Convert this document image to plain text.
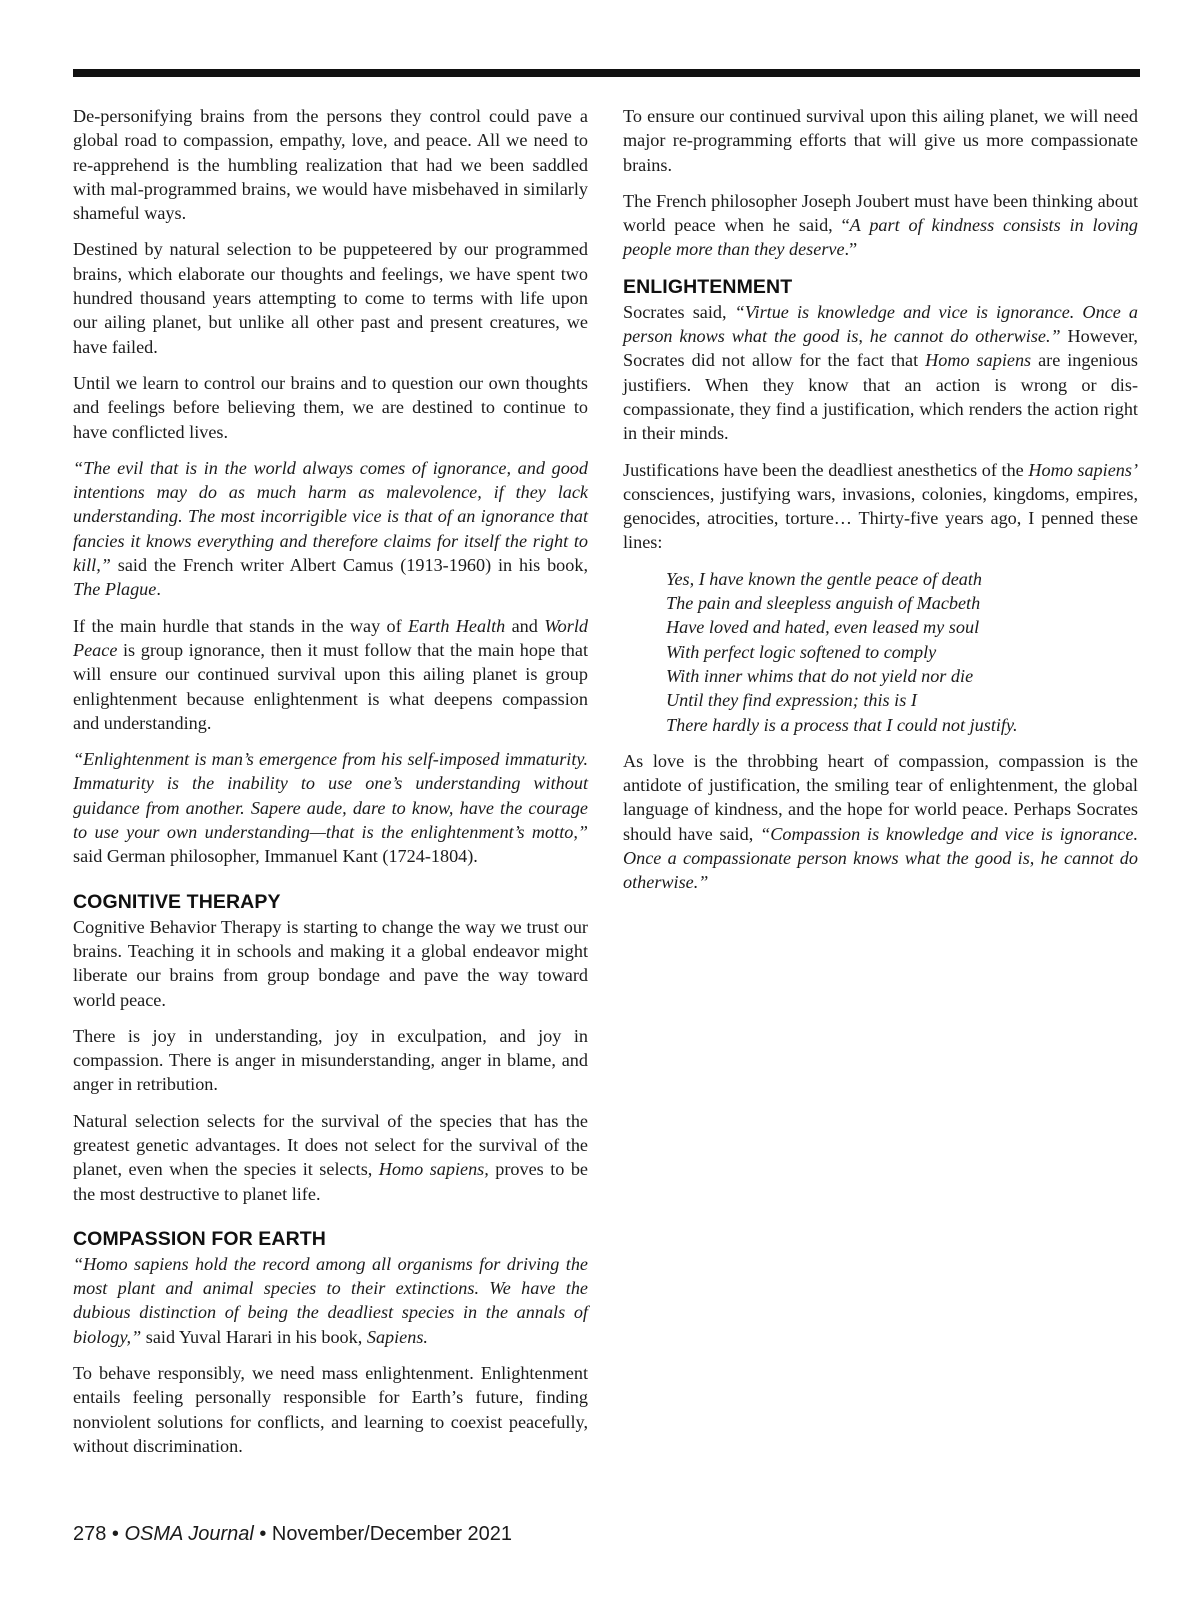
De-personifying brains from the persons they control could pave a global road to compassion, empathy, love, and peace. All we need to re-apprehend is the humbling realization that had we been saddled with mal-programmed brains, we would have misbehaved in similarly shameful ways.

Destined by natural selection to be puppeteered by our programmed brains, which elaborate our thoughts and feelings, we have spent two hundred thousand years attempting to come to terms with life upon our ailing planet, but unlike all other past and present creatures, we have failed.

Until we learn to control our brains and to question our own thoughts and feelings before believing them, we are destined to continue to have conflicted lives.

“The evil that is in the world always comes of ignorance, and good intentions may do as much harm as malevolence, if they lack understanding. The most incorrigible vice is that of an ignorance that fancies it knows everything and therefore claims for itself the right to kill,” said the French writer Albert Camus (1913-1960) in his book, The Plague.

If the main hurdle that stands in the way of Earth Health and World Peace is group ignorance, then it must follow that the main hope that will ensure our continued survival upon this ailing planet is group enlightenment because enlightenment is what deepens compassion and understanding.

“Enlightenment is man’s emergence from his self-imposed immaturity. Immaturity is the inability to use one’s understanding without guidance from another. Sapere aude, dare to know, have the courage to use your own understanding—that is the enlightenment’s motto,” said German philosopher, Immanuel Kant (1724-1804).

COGNITIVE THERAPY

Cognitive Behavior Therapy is starting to change the way we trust our brains. Teaching it in schools and making it a global endeavor might liberate our brains from group bondage and pave the way toward world peace.

There is joy in understanding, joy in exculpation, and joy in compassion. There is anger in misunderstanding, anger in blame, and anger in retribution.

Natural selection selects for the survival of the species that has the greatest genetic advantages. It does not select for the survival of the planet, even when the species it selects, Homo sapiens, proves to be the most destructive to planet life.

COMPASSION FOR EARTH

“Homo sapiens hold the record among all organisms for driving the most plant and animal species to their extinctions. We have the dubious distinction of being the deadliest species in the annals of biology,” said Yuval Harari in his book, Sapiens.

To behave responsibly, we need mass enlightenment. Enlightenment entails feeling personally responsible for Earth’s future, finding nonviolent solutions for conflicts, and learning to coexist peacefully, without discrimination.

To ensure our continued survival upon this ailing planet, we will need major re-programming efforts that will give us more compassionate brains.

The French philosopher Joseph Joubert must have been thinking about world peace when he said, “A part of kindness consists in loving people more than they deserve.”

ENLIGHTENMENT

Socrates said, “Virtue is knowledge and vice is ignorance. Once a person knows what the good is, he cannot do otherwise.” However, Socrates did not allow for the fact that Homo sapiens are ingenious justifiers. When they know that an action is wrong or dis-compassionate, they find a justification, which renders the action right in their minds.

Justifications have been the deadliest anesthetics of the Homo sapiens’ consciences, justifying wars, invasions, colonies, kingdoms, empires, genocides, atrocities, torture… Thirty-five years ago, I penned these lines:

Yes, I have known the gentle peace of death
The pain and sleepless anguish of Macbeth
Have loved and hated, even leased my soul
With perfect logic softened to comply
With inner whims that do not yield nor die
Until they find expression; this is I
There hardly is a process that I could not justify.

As love is the throbbing heart of compassion, compassion is the antidote of justification, the smiling tear of enlightenment, the global language of kindness, and the hope for world peace. Perhaps Socrates should have said, “Compassion is knowledge and vice is ignorance. Once a compassionate person knows what the good is, he cannot do otherwise.”

278 • OSMA Journal • November/December 2021
